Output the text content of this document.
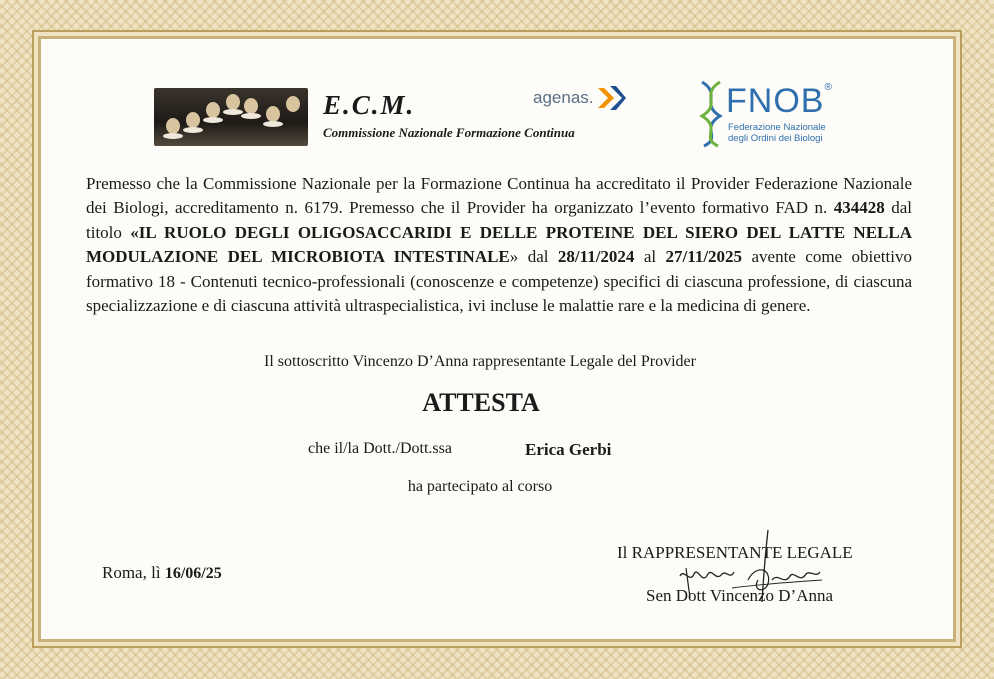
E.C.M.
Commissione Nazionale Formazione Continua
agenas.	FNOB®
Federazione Nazionale
degli Ordini dei Biologi
Premesso che la Commissione Nazionale per la Formazione Continua ha accreditato il Provider Federazione Nazionale dei Biologi, accreditamento n. 6179. Premesso che il Provider ha organizzato l’evento formativo FAD n. 434428 dal titolo «IL RUOLO DEGLI OLIGOSACCARIDI E DELLE PROTEINE DEL SIERO DEL LATTE NELLA MODULAZIONE DEL MICROBIOTA INTESTINALE» dal 28/11/2024 al 27/11/2025 avente come obiettivo formativo 18 - Contenuti tecnico-professionali (conoscenze e competenze) specifici di ciascuna professione, di ciascuna specializzazione e di ciascuna attività ultraspecialistica, ivi incluse le malattie rare e la medicina di genere.
Il sottoscritto Vincenzo D’Anna rappresentante Legale del Provider
ATTESTA
che il/la Dott./Dott.ssa	Erica Gerbi
ha partecipato al corso
Roma, lì 16/06/25
Il RAPPRESENTANTE LEGALE
Sen Dott Vincenzo D’Anna
